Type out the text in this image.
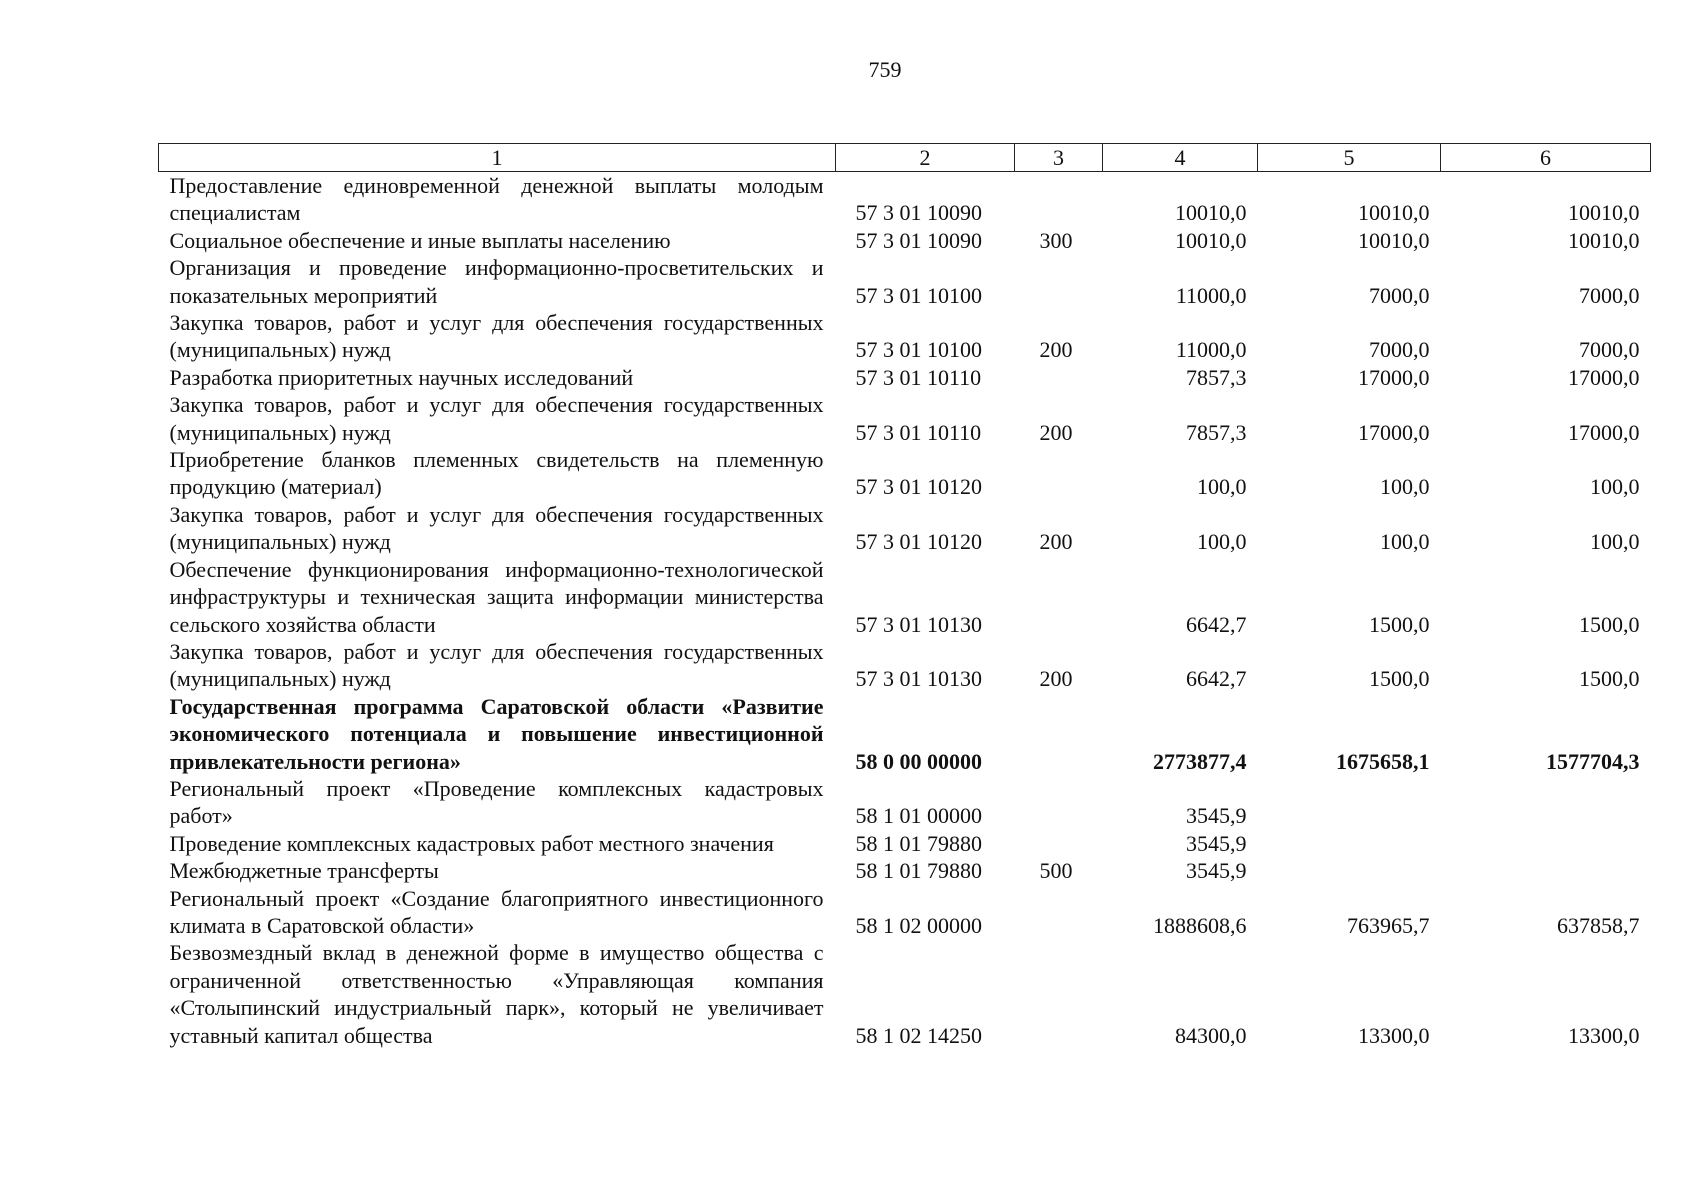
759
1	2	3	4	5	6
Предоставление единовременной денежной выплаты молодым специалистам	57 3 01 10090		10010,0	10010,0	10010,0
Социальное обеспечение и иные выплаты населению	57 3 01 10090	300	10010,0	10010,0	10010,0
Организация и проведение информационно-просветительских и показательных мероприятий	57 3 01 10100		11000,0	7000,0	7000,0
Закупка товаров, работ и услуг для обеспечения государственных (муниципальных) нужд	57 3 01 10100	200	11000,0	7000,0	7000,0
Разработка приоритетных научных исследований	57 3 01 10110		7857,3	17000,0	17000,0
Закупка товаров, работ и услуг для обеспечения государственных (муниципальных) нужд	57 3 01 10110	200	7857,3	17000,0	17000,0
Приобретение бланков племенных свидетельств на племенную продукцию (материал)	57 3 01 10120		100,0	100,0	100,0
Закупка товаров, работ и услуг для обеспечения государственных (муниципальных) нужд	57 3 01 10120	200	100,0	100,0	100,0
Обеспечение функционирования информационно-технологической инфраструктуры и техническая защита информации министерства сельского хозяйства области	57 3 01 10130		6642,7	1500,0	1500,0
Закупка товаров, работ и услуг для обеспечения государственных (муниципальных) нужд	57 3 01 10130	200	6642,7	1500,0	1500,0
Государственная программа Саратовской области «Развитие экономического потенциала и повышение инвестиционной привлекательности региона»	58 0 00 00000		2773877,4	1675658,1	1577704,3
Региональный проект «Проведение комплексных кадастровых работ»	58 1 01 00000		3545,9		
Проведение комплексных кадастровых работ местного значения	58 1 01 79880		3545,9		
Межбюджетные трансферты	58 1 01 79880	500	3545,9		
Региональный проект «Создание благоприятного инвестиционного климата в Саратовской области»	58 1 02 00000		1888608,6	763965,7	637858,7
Безвозмездный вклад в денежной форме в имущество общества с ограниченной ответственностью «Управляющая компания «Столыпинский индустриальный парк», который не увеличивает уставный капитал общества	58 1 02 14250		84300,0	13300,0	13300,0
